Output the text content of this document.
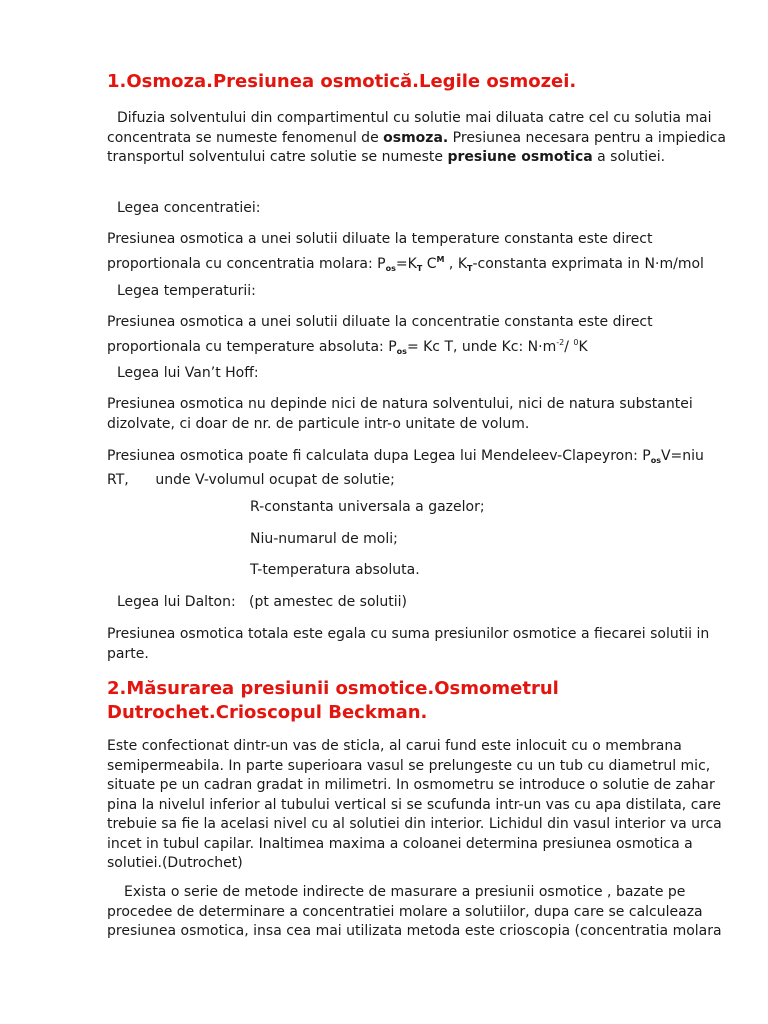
1.Osmoza.Presiunea osmotică.Legile osmozei.

Difuzia solventului din compartimentul cu solutie mai diluata catre cel cu solutia mai concentrata se numeste fenomenul de osmoza. Presiunea necesara pentru a impiedica transportul solventului catre solutie se numeste presiune osmotica a solutiei.

Legea concentratiei:

Presiunea osmotica a unei solutii diluate la temperature constanta este direct proportionala cu concentratia molara: $P_{os}=K_T$ $C^M$ , $K_T$-constanta exprimata in N·m/mol

Legea temperaturii:

Presiunea osmotica a unei solutii diluate la concentratie constanta este direct proportionala cu temperature absoluta: $P_{os}= Kc$ T, unde Kc: $N\cdot m^{-2}/$ $^0$K

Legea lui Van’t Hoff:

Presiunea osmotica nu depinde nici de natura solventului, nici de natura substantei dizolvate, ci doar de nr. de particule intr-o unitate de volum.

Presiunea osmotica poate fi calculata dupa Legea lui Mendeleev-Clapeyron: $P_{os}V=niu$ RT,      unde V-volumul ocupat de solutie;

R-constanta universala a gazelor;

Niu-numarul de moli;

T-temperatura absoluta.

Legea lui Dalton:   (pt amestec de solutii)

Presiunea osmotica totala este egala cu suma presiunilor osmotice a fiecarei solutii in parte.

2.Măsurarea presiunii osmotice.Osmometrul Dutrochet.Crioscopul Beckman.

Este confectionat dintr-un vas de sticla, al carui fund este inlocuit cu o membrana semipermeabila. In parte superioara vasul se prelungeste cu un tub cu diametrul mic, situate pe un cadran gradat in milimetri. In osmometru se introduce o solutie de zahar pina la nivelul inferior al tubului vertical si se scufunda intr-un vas cu apa distilata, care trebuie sa fie la acelasi nivel cu al solutiei din interior. Lichidul din vasul interior va urca incet in tubul capilar. Inaltimea maxima a coloanei determina presiunea osmotica a solutiei.(Dutrochet)

Exista o serie de metode indirecte de masurare a presiunii osmotice , bazate pe procedee de determinare a concentratiei molare a solutiilor, dupa care se calculeaza presiunea osmotica, insa cea mai utilizata metoda este crioscopia (concentratia molara
